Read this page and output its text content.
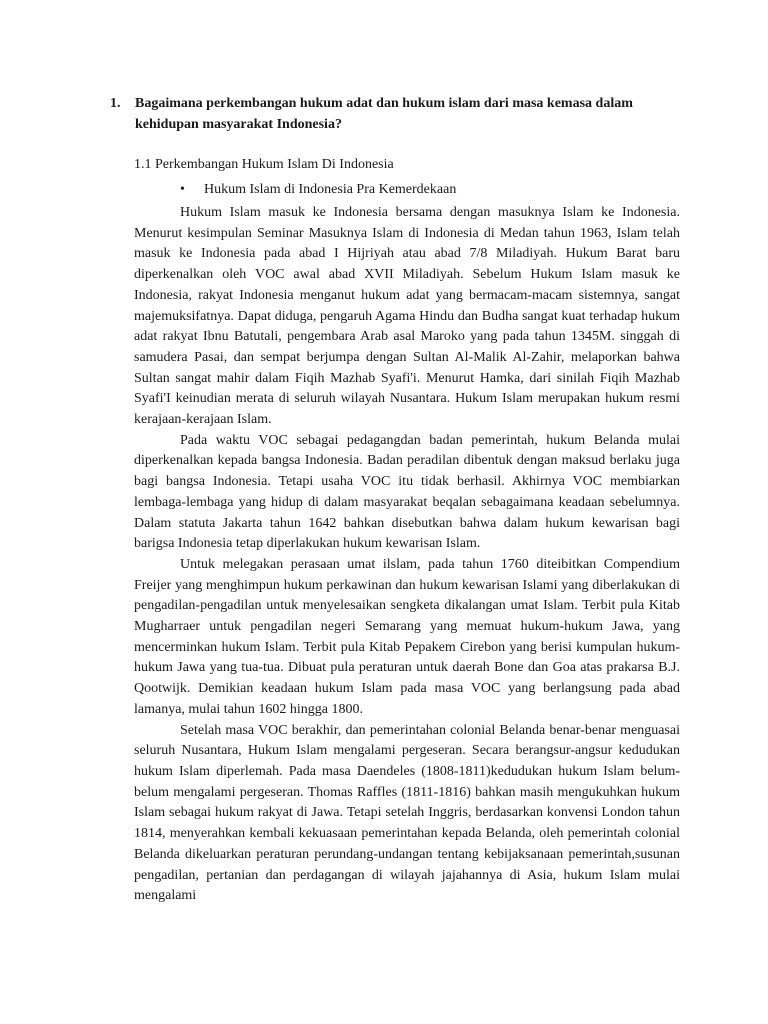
1. Bagaimana perkembangan hukum adat dan hukum islam dari masa kemasa dalam kehidupan masyarakat Indonesia?
1.1 Perkembangan Hukum Islam Di Indonesia
• Hukum Islam di Indonesia Pra Kemerdekaan

Hukum Islam masuk ke Indonesia bersama dengan masuknya Islam ke Indonesia. Menurut kesimpulan Seminar Masuknya Islam di Indonesia di Medan tahun 1963, Islam telah masuk ke Indonesia pada abad I Hijriyah atau abad 7/8 Miladiyah. Hukum Barat baru diperkenalkan oleh VOC awal abad XVII Miladiyah. Sebelum Hukum Islam masuk ke Indonesia, rakyat Indonesia menganut hukum adat yang bermacam-macam sistemnya, sangat majemuksifatnya. Dapat diduga, pengaruh Agama Hindu dan Budha sangat kuat terhadap hukum adat rakyat Ibnu Batutali, pengembara Arab asal Maroko yang pada tahun 1345M. singgah di samudera Pasai, dan sempat berjumpa dengan Sultan Al-Malik Al-Zahir, melaporkan bahwa Sultan sangat mahir dalam Fiqih Mazhab Syafi'i. Menurut Hamka, dari sinilah Fiqih Mazhab Syafi'I keinudian merata di seluruh wilayah Nusantara. Hukum Islam merupakan hukum resmi kerajaan-kerajaan Islam.

Pada waktu VOC sebagai pedagangdan badan pemerintah, hukum Belanda mulai diperkenalkan kepada bangsa Indonesia. Badan peradilan dibentuk dengan maksud berlaku juga bagi bangsa Indonesia. Tetapi usaha VOC itu tidak berhasil. Akhirnya VOC membiarkan lembaga-lembaga yang hidup di dalam masyarakat beqalan sebagaimana keadaan sebelumnya. Dalam statuta Jakarta tahun 1642 bahkan disebutkan bahwa dalam hukum kewarisan bagi barigsa Indonesia tetap diperlakukan hukum kewarisan Islam.

Untuk melegakan perasaan umat ilslam, pada tahun 1760 diteibitkan Compendium Freijer yang menghimpun hukum perkawinan dan hukum kewarisan Islami yang diberlakukan di pengadilan-pengadilan untuk menyelesaikan sengketa dikalangan umat Islam. Terbit pula Kitab Mugharraer untuk pengadilan negeri Semarang yang memuat hukum-hukum Jawa, yang mencerminkan hukum Islam. Terbit pula Kitab Pepakem Cirebon yang berisi kumpulan hukum-hukum Jawa yang tua-tua. Dibuat pula peraturan untuk daerah Bone dan Goa atas prakarsa B.J. Qootwijk. Demikian keadaan hukum Islam pada masa VOC yang berlangsung pada abad lamanya, mulai tahun 1602 hingga 1800.

Setelah masa VOC berakhir, dan pemerintahan colonial Belanda benar-benar menguasai seluruh Nusantara, Hukum Islam mengalami pergeseran. Secara berangsur-angsur kedudukan hukum Islam diperlemah. Pada masa Daendeles (1808-1811)kedudukan hukum Islam belum-belum mengalami pergeseran. Thomas Raffles (1811-1816) bahkan masih mengukuhkan hukum Islam sebagai hukum rakyat di Jawa. Tetapi setelah Inggris, berdasarkan konvensi London tahun 1814, menyerahkan kembali kekuasaan pemerintahan kepada Belanda, oleh pemerintah colonial Belanda dikeluarkan peraturan perundang-undangan tentang kebijaksanaan pemerintah,susunan pengadilan, pertanian dan perdagangan di wilayah jajahannya di Asia, hukum Islam mulai mengalami
